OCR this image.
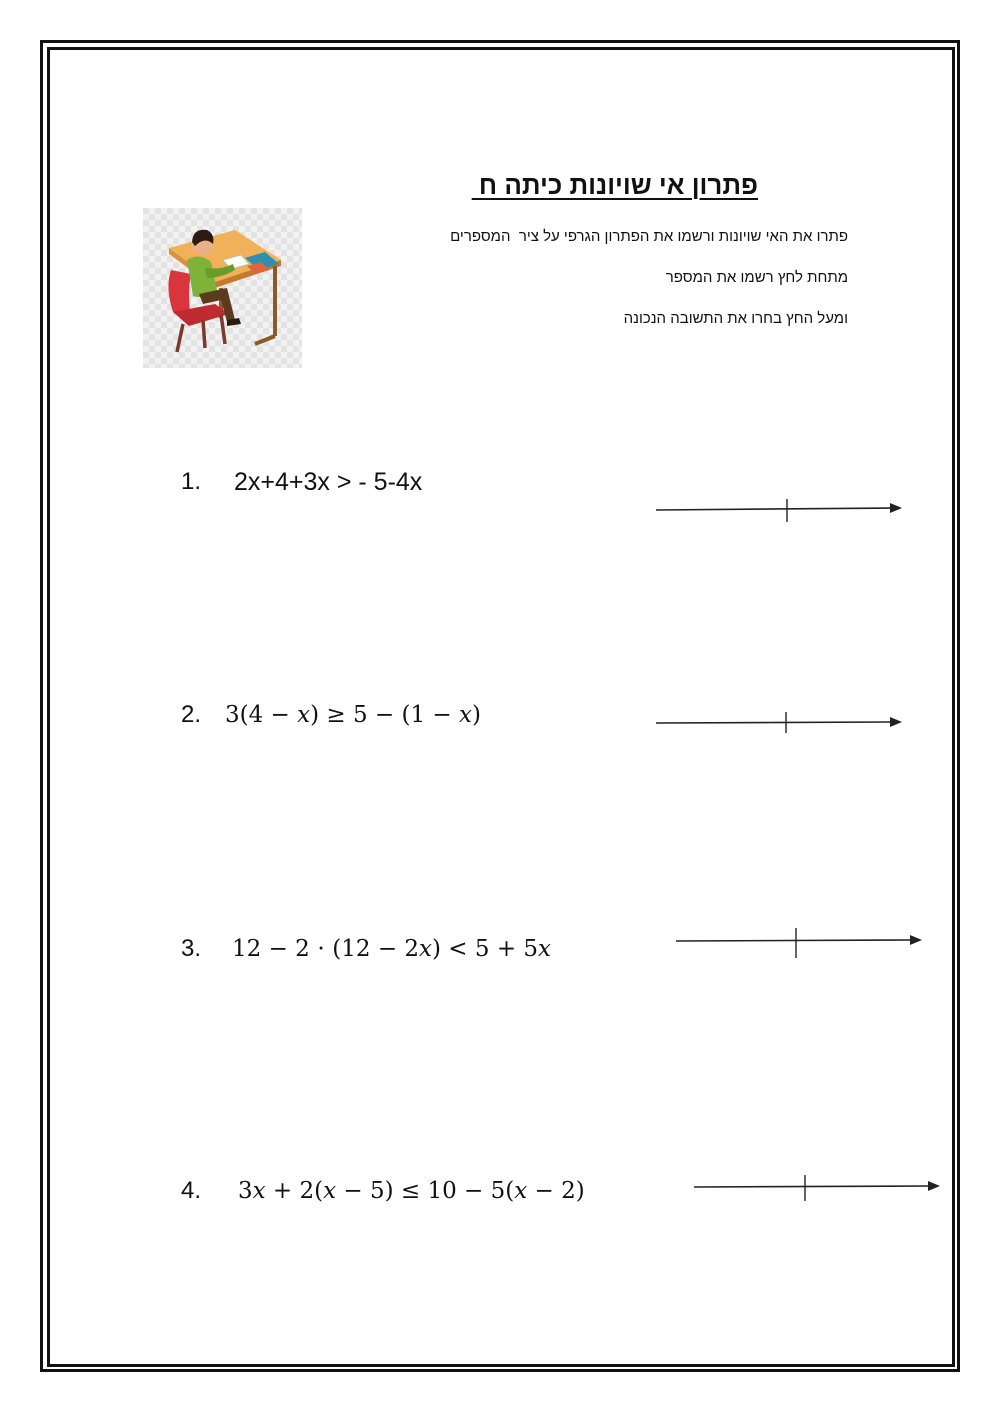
פתרון אי שויונות כיתה ח
פתרו את האי שויונות ורשמו את הפתרון הגרפי על ציר  המספרים
מתחת לחץ רשמו את המספר
ומעל החץ בחרו את התשובה הנכונה
1. 2x+4+3x > - 5-4x
2. 3(4 − 𝑥) ≥ 5 − (1 − 𝑥)
3. 12 − 2 ⋅ (12 − 2𝑥) < 5 + 5𝑥
4. 3𝑥 + 2(𝑥 − 5) ≤ 10 − 5(𝑥 − 2)
